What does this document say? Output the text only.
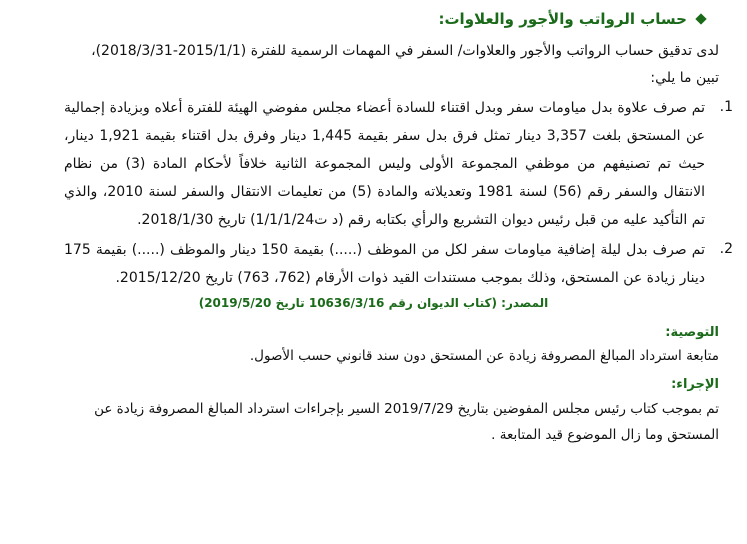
حساب الرواتب والأجور والعلاوات:

لدى تدقيق حساب الرواتب والأجور والعلاوات/ السفر في المهمات الرسمية للفترة (2015/1/1-2018/3/31)،
تبين ما يلي:

1.
تم صرف علاوة بدل مياومات سفر وبدل اقتناء للسادة أعضاء مجلس مفوضي الهيئة للفترة أعلاه وبزيادة إجمالية عن المستحق بلغت 3,357 دينار تمثل فرق بدل سفر بقيمة 1,445 دينار وفرق بدل اقتناء بقيمة 1,921 دينار، حيث تم تصنيفهم من موظفي المجموعة الأولى وليس المجموعة الثانية خلافاً لأحكام المادة (3) من نظام الانتقال والسفر رقم (56) لسنة 1981 وتعديلاته والمادة (5) من تعليمات الانتقال والسفر لسنة 2010، والذي تم التأكيد عليه من قبل رئيس ديوان التشريع والرأي بكتابه رقم (د ت1/1/1/24) تاريخ 2018/1/30.
2.
تم صرف بدل ليلة إضافية مياومات سفر لكل من الموظف (.....) بقيمة 150 دينار والموظف (.....) بقيمة 175 دينار زيادة عن المستحق، وذلك بموجب مستندات القيد ذوات الأرقام (762، 763) تاريخ 2015/12/20.
المصدر: (كتاب الديوان رقم 10636/3/16 تاريخ 2019/5/20)
التوصية:
متابعة استرداد المبالغ المصروفة زيادة عن المستحق دون سند قانوني حسب الأصول.
الإجراء:
تم بموجب كتاب رئيس مجلس المفوضين بتاريخ 2019/7/29 السير بإجراءات استرداد المبالغ المصروفة زيادة عن
المستحق وما زال الموضوع قيد المتابعة .
